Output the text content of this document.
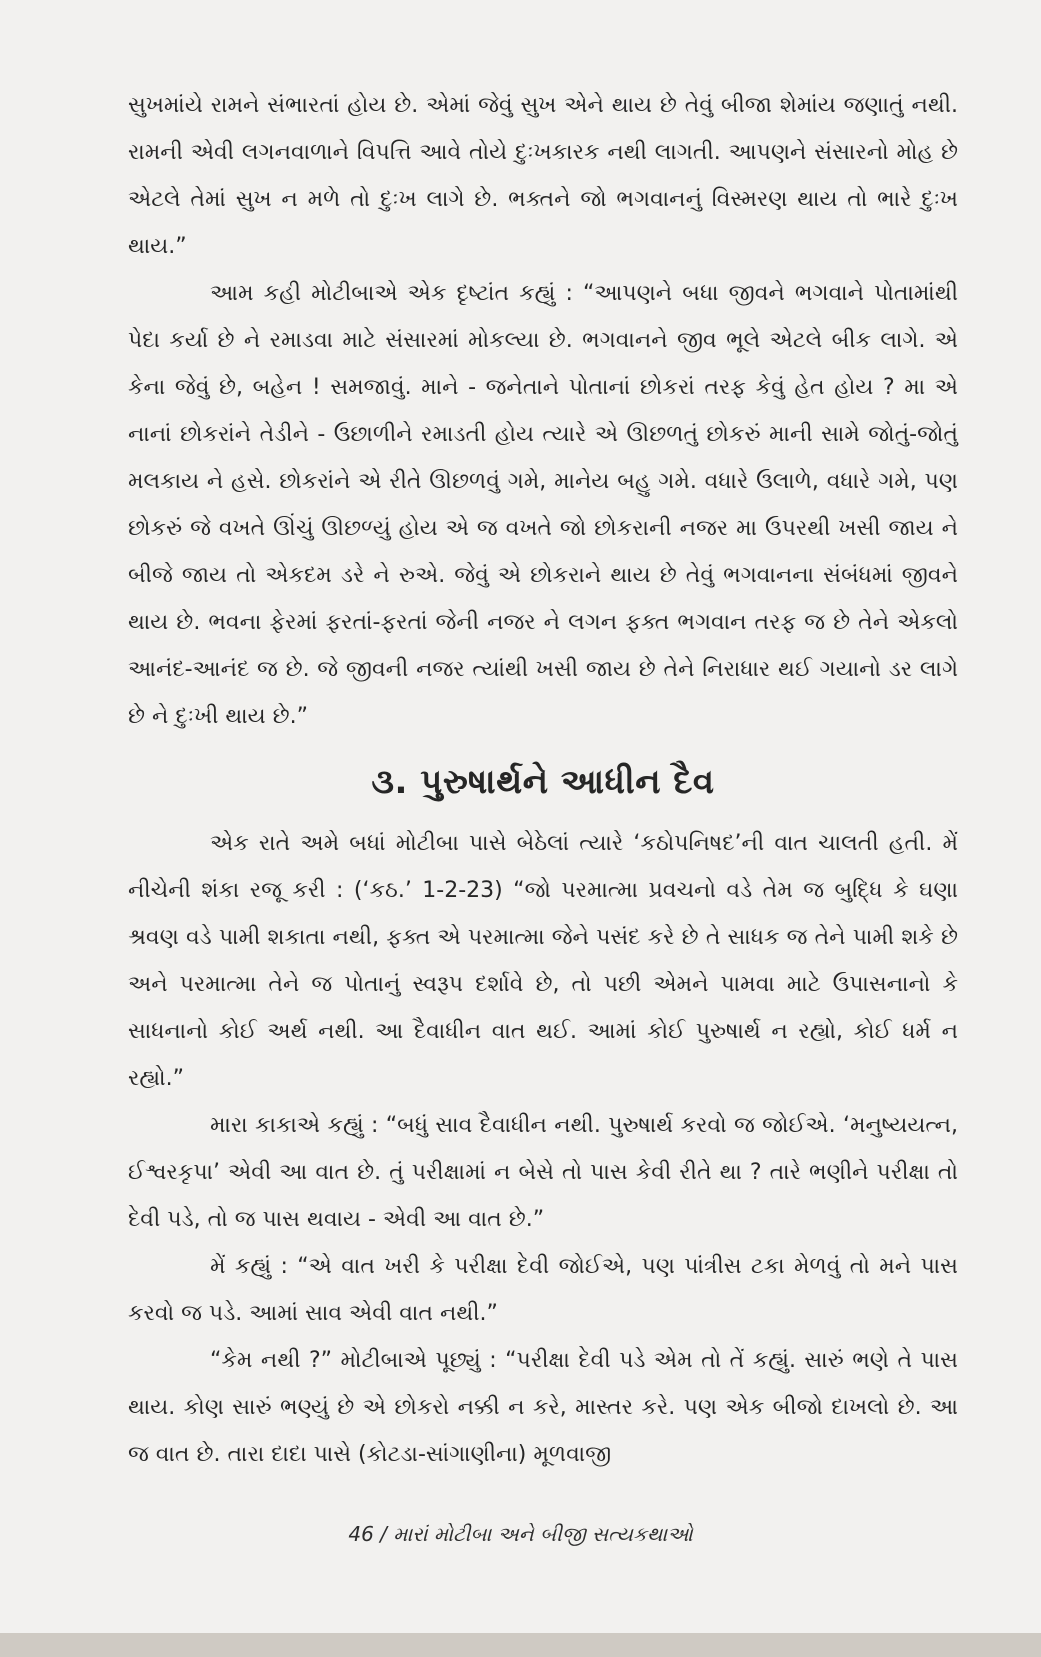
સુખમાંયે રામને સંભારતાં હોય છે. એમાં જેવું સુખ એને થાય છે તેવું બીજા શેમાંય જણાતું નથી. રામની એવી લગનવાળાને વિપત્તિ આવે તોયે દુઃખકારક નથી લાગતી. આપણને સંસારનો મોહ છે એટલે તેમાં સુખ ન મળે તો દુઃખ લાગે છે. ભક્તને જો ભગવાનનું વિસ્મરણ થાય તો ભારે દુઃખ થાય.”

આમ કહી મોટીબાએ એક દૃષ્ટાંત કહ્યું : “આપણને બધા જીવને ભગવાને પોતામાંથી પેદા કર્યા છે ને રમાડવા માટે સંસારમાં મોકલ્યા છે. ભગવાનને જીવ ભૂલે એટલે બીક લાગે. એ કેના જેવું છે, બહેન ! સમજાવું. માને - જનેતાને પોતાનાં છોકરાં તરફ કેવું હેત હોય ? મા એ નાનાં છોકરાંને તેડીને - ઉછાળીને રમાડતી હોય ત્યારે એ ઊછળતું છોકરું માની સામે જોતું-જોતું મલકાય ને હસે. છોકરાંને એ રીતે ઊછળવું ગમે, માનેય બહુ ગમે. વધારે ઉલાળે, વધારે ગમે, પણ છોકરું જે વખતે ઊંચું ઊછળ્યું હોય એ જ વખતે જો છોકરાની નજર મા ઉપરથી ખસી જાય ને બીજે જાય તો એકદમ ડરે ને રુએ. જેવું એ છોકરાને થાય છે તેવું ભગવાનના સંબંધમાં જીવને થાય છે. ભવના ફેરમાં ફરતાં-ફરતાં જેની નજર ને લગન ફક્ત ભગવાન તરફ જ છે તેને એકલો આનંદ-આનંદ જ છે. જે જીવની નજર ત્યાંથી ખસી જાય છે તેને નિરાધાર થઈ ગયાનો ડર લાગે છે ને દુઃખી થાય છે.”

૩. પુરુષાર્થને આધીન દૈવ

એક રાતે અમે બધાં મોટીબા પાસે બેઠેલાં ત્યારે ‘કઠોપનિષદ’ની વાત ચાલતી હતી. મેં નીચેની શંકા રજૂ કરી : (‘કઠ.’ 1-2-23) “જો પરમાત્મા પ્રવચનો વડે તેમ જ બુદ્ધિ કે ઘણા શ્રવણ વડે પામી શકાતા નથી, ફક્ત એ પરમાત્મા જેને પસંદ કરે છે તે સાધક જ તેને પામી શકે છે અને પરમાત્મા તેને જ પોતાનું સ્વરૂપ દર્શાવે છે, તો પછી એમને પામવા માટે ઉપાસનાનો કે સાધનાનો કોઈ અર્થ નથી. આ દૈવાધીન વાત થઈ. આમાં કોઈ પુરુષાર્થ ન રહ્યો, કોઈ ધર્મ ન રહ્યો.”

મારા કાકાએ કહ્યું : “બધું સાવ દૈવાધીન નથી. પુરુષાર્થ કરવો જ જોઈએ. ‘મનુષ્યયત્ન, ઈશ્વરકૃપા’ એવી આ વાત છે. તું પરીક્ષામાં ન બેસે તો પાસ કેવી રીતે થા ? તારે ભણીને પરીક્ષા તો દેવી પડે, તો જ પાસ થવાય - એવી આ વાત છે.”

મેં કહ્યું : “એ વાત ખરી કે પરીક્ષા દેવી જોઈએ, પણ પાંત્રીસ ટકા મેળવું તો મને પાસ કરવો જ પડે. આમાં સાવ એવી વાત નથી.”

“કેમ નથી ?” મોટીબાએ પૂછ્યું : “પરીક્ષા દેવી પડે એમ તો તેં કહ્યું. સારું ભણે તે પાસ થાય. કોણ સારું ભણ્યું છે એ છોકરો નક્કી ન કરે, માસ્તર કરે. પણ એક બીજો દાખલો છે. આ જ વાત છે. તારા દાદા પાસે (કોટડા-સાંગાણીના) મૂળવાજી

46 / મારાં મોટીબા અને બીજી સત્યકથાઓ
